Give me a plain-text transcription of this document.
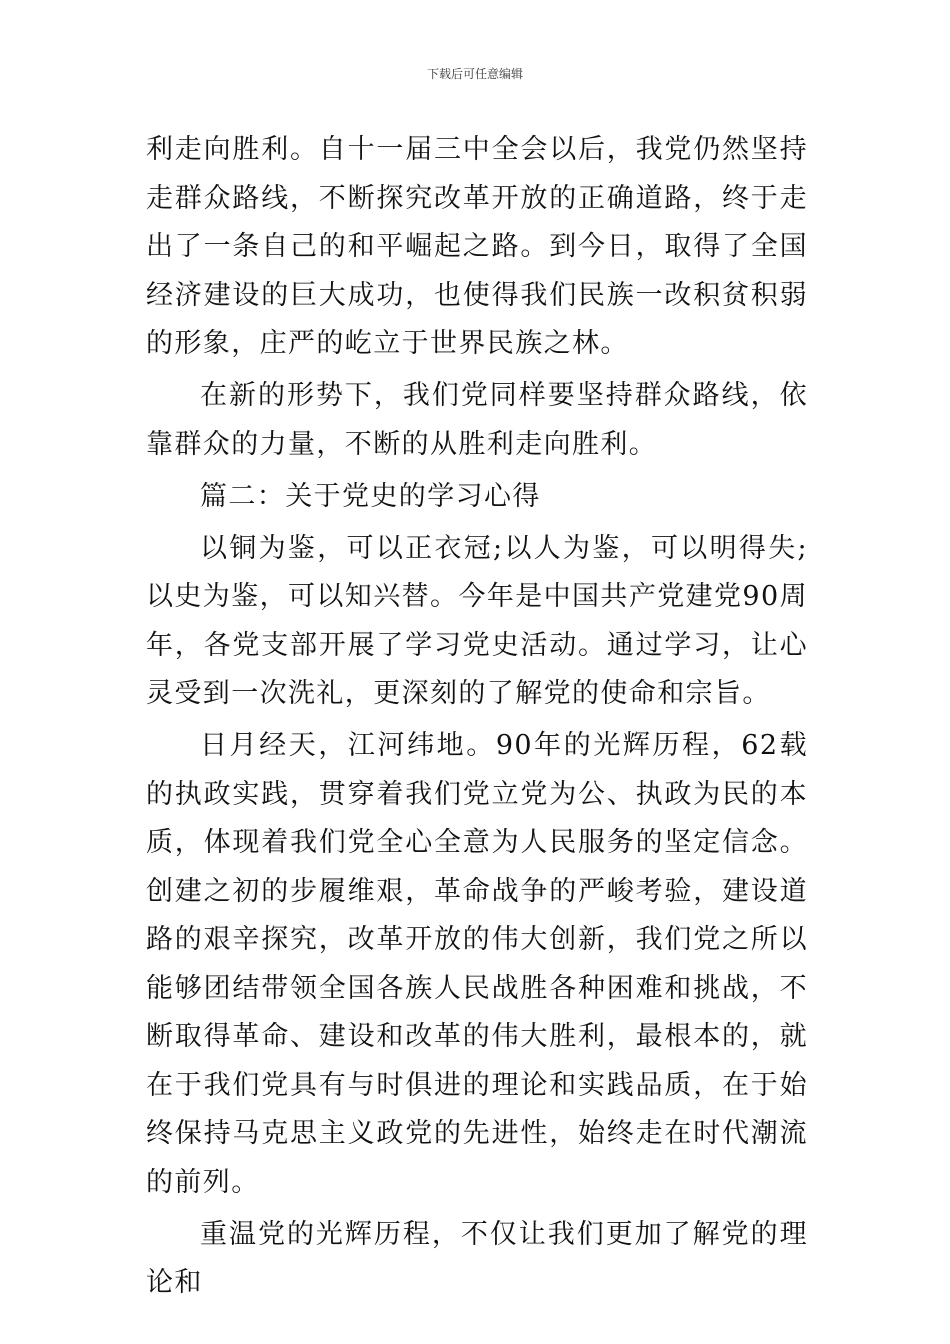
下载后可任意编辑

利走向胜利。自十一届三中全会以后，我党仍然坚持走群众路线，不断探究改革开放的正确道路，终于走出了一条自己的和平崛起之路。到今日，取得了全国经济建设的巨大成功，也使得我们民族一改积贫积弱的形象，庄严的屹立于世界民族之林。

在新的形势下，我们党同样要坚持群众路线，依靠群众的力量，不断的从胜利走向胜利。

篇二：关于党史的学习心得

以铜为鉴，可以正衣冠;以人为鉴，可以明得失;以史为鉴，可以知兴替。今年是中国共产党建党90周年，各党支部开展了学习党史活动。通过学习，让心灵受到一次洗礼，更深刻的了解党的使命和宗旨。

日月经天，江河纬地。90年的光辉历程，62载的执政实践，贯穿着我们党立党为公、执政为民的本质，体现着我们党全心全意为人民服务的坚定信念。创建之初的步履维艰，革命战争的严峻考验，建设道路的艰辛探究，改革开放的伟大创新，我们党之所以能够团结带领全国各族人民战胜各种困难和挑战，不断取得革命、建设和改革的伟大胜利，最根本的，就在于我们党具有与时俱进的理论和实践品质，在于始终保持马克思主义政党的先进性，始终走在时代潮流的前列。

重温党的光辉历程，不仅让我们更加了解党的理论和
